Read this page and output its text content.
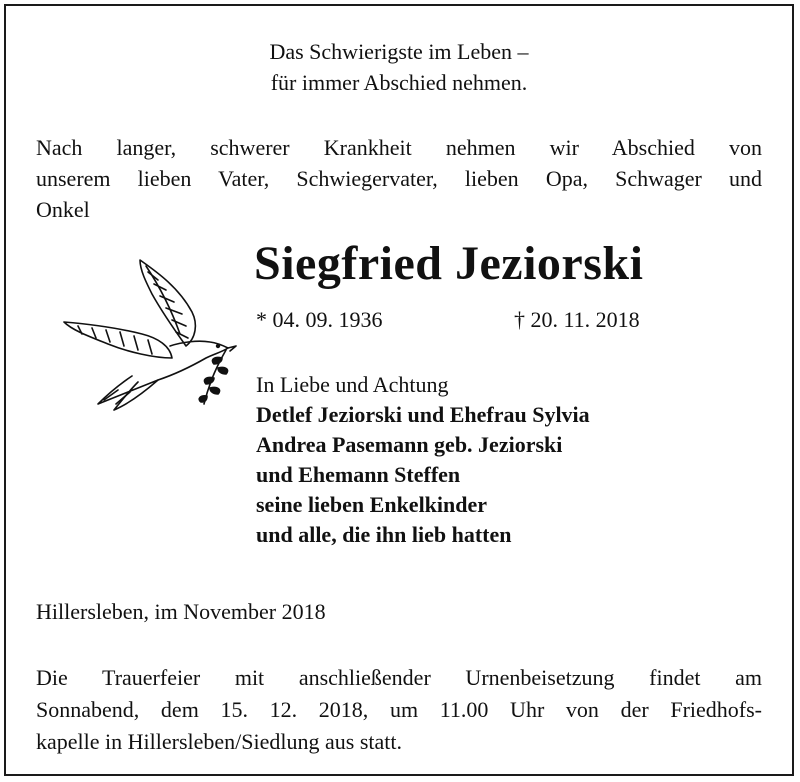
Das Schwierigste im Leben –
für immer Abschied nehmen.
Nach langer, schwerer Krankheit nehmen wir Abschied von
unserem lieben Vater, Schwiegervater, lieben Opa, Schwager und
Onkel
Siegfried Jeziorski
* 04. 09. 1936	† 20. 11. 2018
In Liebe und Achtung
Detlef Jeziorski und Ehefrau Sylvia
Andrea Pasemann geb. Jeziorski
und Ehemann Steffen
seine lieben Enkelkinder
und alle, die ihn lieb hatten
Hillersleben, im November 2018
Die Trauerfeier mit anschließender Urnenbeisetzung findet am
Sonnabend, dem 15. 12. 2018, um 11.00 Uhr von der Friedhofs-
kapelle in Hillersleben/Siedlung aus statt.
